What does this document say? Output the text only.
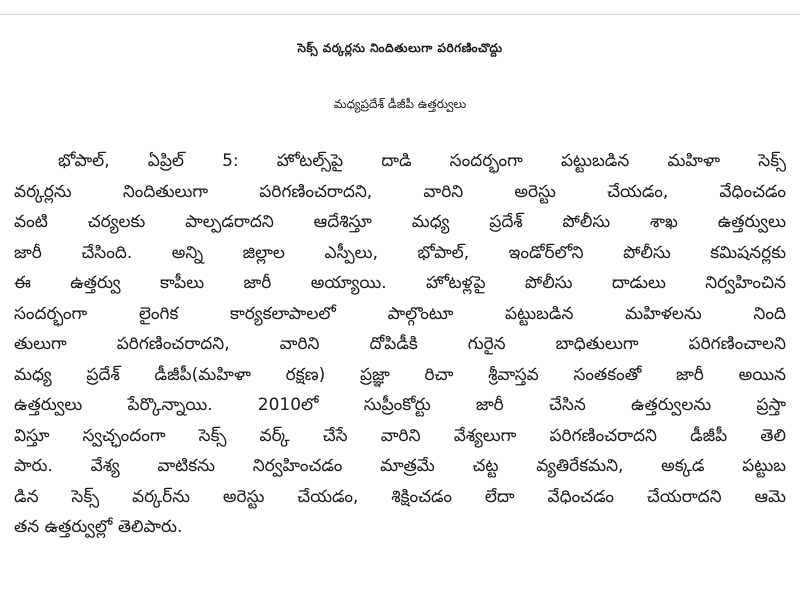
సెక్స్ వర్కర్లను నిందితులుగా పరిగణించొద్దు
మధ్యప్రదేశ్ డీజీపీ ఉత్తర్వులు
భోపాల్, ఏప్రిల్ 5: హోటల్స్‌పై దాడి సందర్భంగా పట్టుబడిన మహిళా సెక్స్
వర్కర్లను నిందితులుగా పరిగణించరాదని, వారిని అరెస్టు చేయడం, వేధించడం
వంటి చర్యలకు పాల్పడరాదని ఆదేశిస్తూ మధ్య ప్రదేశ్ పోలీసు శాఖ ఉత్తర్వులు
జారీ చేసింది. అన్ని జిల్లాల ఎస్పీలు, భోపాల్, ఇండోర్‌లోని పోలీసు కమిషనర్లకు
ఈ ఉత్తర్వు కాపీలు జారీ అయ్యాయి. హోటళ్లపై పోలీసు దాడులు నిర్వహించిన
సందర్భంగా లైంగిక కార్యకలాపాలలో పాల్గొంటూ పట్టుబడిన మహిళలను నింది
తులుగా పరిగణించరాదని, వారిని దోపిడీకి గురైన బాధితులుగా పరిగణించాలని
మధ్య ప్రదేశ్ డీజీపీ(మహిళా రక్షణ) ప్రజ్ఞా రిచా శ్రీవాస్తవ సంతకంతో జారీ అయిన
ఉత్తర్వులు పేర్కొన్నాయి. 2010లో సుప్రీంకోర్టు జారీ చేసిన ఉత్తర్వులను ప్రస్తా
విస్తూ స్వచ్ఛందంగా సెక్స్ వర్క్ చేసే వారిని వేశ్యలుగా పరిగణించరాదని డీజీపీ తెలి
పారు. వేశ్య వాటికను నిర్వహించడం మాత్రమే చట్ట వ్యతిరేకమని, అక్కడ పట్టుబ
డిన సెక్స్ వర్కర్‌ను అరెస్టు చేయడం, శిక్షించడం లేదా వేధించడం చేయరాదని ఆమె
తన ఉత్తర్వుల్లో తెలిపారు.
